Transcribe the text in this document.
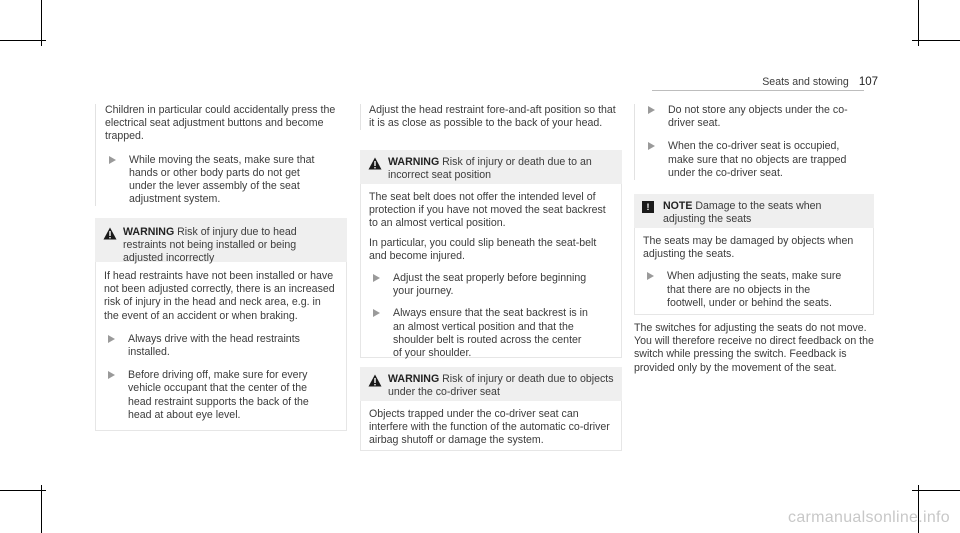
Seats and stowing 107

Children in particular could accidentally press the electrical seat adjustment buttons and become trapped.

While moving the seats, make sure that hands or other body parts do not get under the lever assembly of the seat adjustment system.

WARNING Risk of injury due to head restraints not being installed or being adjusted incorrectly

If head restraints have not been installed or have not been adjusted correctly, there is an increased risk of injury in the head and neck area, e.g. in the event of an accident or when braking.

Always drive with the head restraints installed.

Before driving off, make sure for every vehicle occupant that the center of the head restraint supports the back of the head at about eye level.

Adjust the head restraint fore-and-aft position so that it is as close as possible to the back of your head.

WARNING Risk of injury or death due to an incorrect seat position

The seat belt does not offer the intended level of protection if you have not moved the seat backrest to an almost vertical position.

In particular, you could slip beneath the seat-belt and become injured.

Adjust the seat properly before beginning your journey.

Always ensure that the seat backrest is in an almost vertical position and that the shoulder belt is routed across the center of your shoulder.

WARNING Risk of injury or death due to objects under the co-driver seat

Objects trapped under the co-driver seat can interfere with the function of the automatic co-driver airbag shutoff or damage the system.

Do not store any objects under the co-driver seat.

When the co-driver seat is occupied, make sure that no objects are trapped under the co-driver seat.

!	NOTE Damage to the seats when adjusting the seats

The seats may be damaged by objects when adjusting the seats.

When adjusting the seats, make sure that there are no objects in the footwell, under or behind the seats.

The switches for adjusting the seats do not move. You will therefore receive no direct feedback on the switch while pressing the switch. Feedback is provided only by the movement of the seat.

carmanualsonline.info
